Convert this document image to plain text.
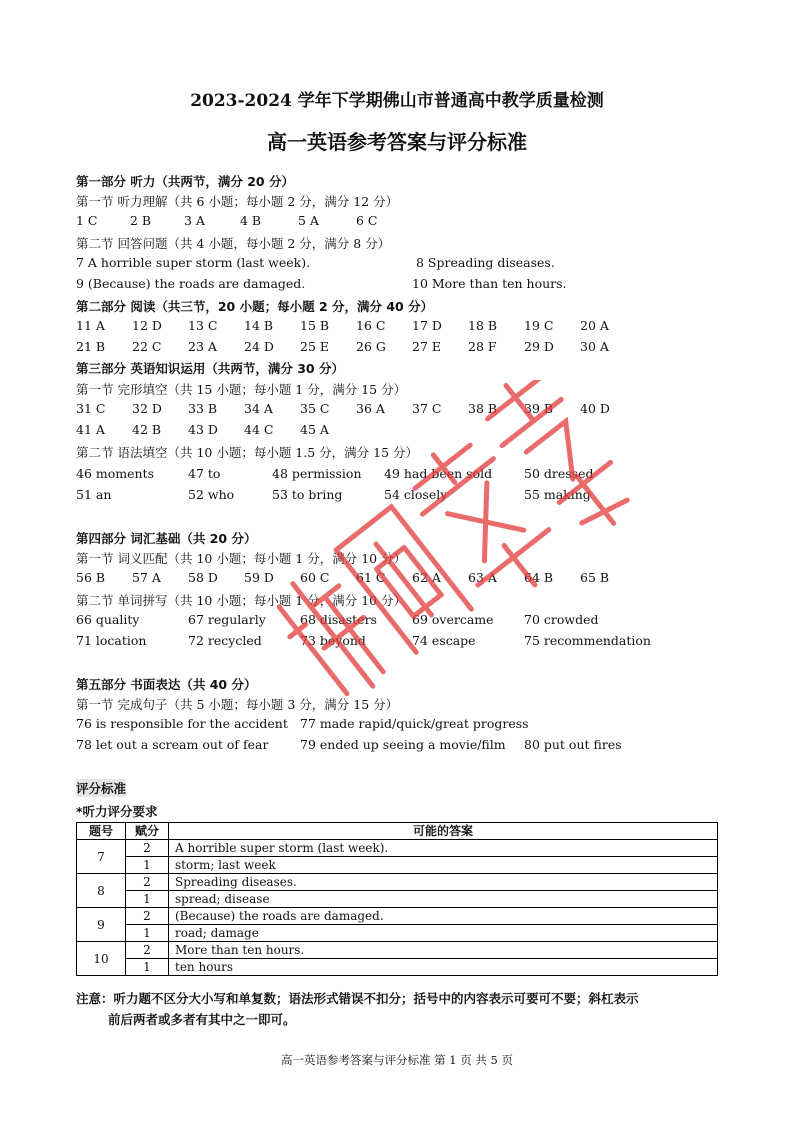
2023-2024 学年下学期佛山市普通高中教学质量检测
高一英语参考答案与评分标准
第一部分 听力（共两节，满分 20 分）
第一节 听力理解（共 6 小题；每小题 2 分，满分 12 分）
1 C	2 B	3 A	4 B	5 A	6 C
第二节 回答问题（共 4 小题，每小题 2 分，满分 8 分）
7 A horrible super storm (last week).	8 Spreading diseases.
9 (Because) the roads are damaged.	10 More than ten hours.
第二部分 阅读（共三节，20 小题；每小题 2 分，满分 40 分）
11 A 12 D 13 C 14 B 15 B 16 C 17 D 18 B 19 C 20 A
21 B 22 C 23 A 24 D 25 E 26 G 27 E 28 F 29 D 30 A
第三部分 英语知识运用（共两节，满分 30 分）
第一节 完形填空（共 15 小题；每小题 1 分，满分 15 分）
31 C 32 D 33 B 34 A 35 C 36 A 37 C 38 B 39 B 40 D
41 A 42 B 43 D 44 C 45 A
第二节 语法填空（共 10 小题；每小题 1.5 分，满分 15 分）
46 moments	47 to	48 permission 49 had been sold	50 dressed
51 an	52 who	53 to bring	54 closely	55 making
第四部分 词汇基础（共 20 分）
第一节 词义匹配（共 10 小题；每小题 1 分，满分 10 分）
56 B 57 A 58 D 59 D 60 C 61 C 62 A 63 A 64 B 65 B
第二节 单词拼写（共 10 小题；每小题 1 分，满分 10 分）
66 quality	67 regularly	68 disasters	69 overcame 70 crowded
71 location	72 recycled	73 beyond	74 escape	75 recommendation
第五部分 书面表达（共 40 分）
第一节 完成句子（共 5 小题；每小题 3 分，满分 15 分）
76 is responsible for the accident 77 made rapid/quick/great progress
78 let out a scream out of fear	79 ended up seeing a movie/film 80 put out fires
评分标准
*听力评分要求
题号	赋分	可能的答案
7	2	A horrible super storm (last week).
	1	storm; last week
8	2	Spreading diseases.
	1	spread; disease
9	2	(Because) the roads are damaged.
	1	road; damage
10	2	More than ten hours.
	1	ten hours
注意：听力题不区分大小写和单复数；语法形式错误不扣分；括号中的内容表示可要可不要；斜杠表示
前后两者或多者有其中之一即可。
高一英语参考答案与评分标准 第 1 页 共 5 页
